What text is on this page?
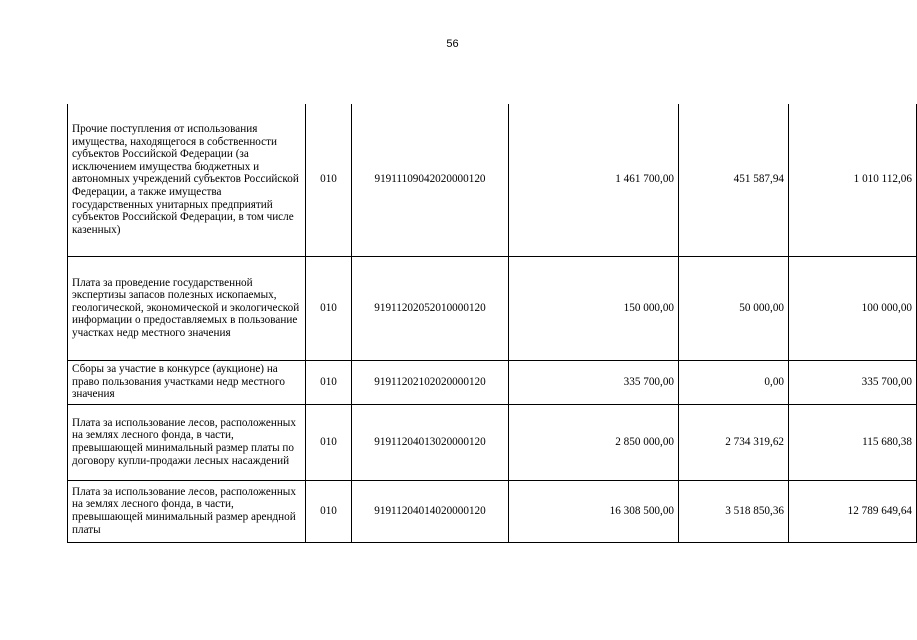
56
Прочие поступления от использования имущества, находящегося в собственности субъектов Российской Федерации (за исключением имущества бюджетных и автономных учреждений субъектов Российской Федерации, а также имущества государственных унитарных предприятий субъектов Российской Федерации, в том числе казенных)	010	91911109042020000120	1 461 700,00	451 587,94	1 010 112,06
Плата за проведение государственной экспертизы запасов полезных ископаемых, геологической, экономической и экологической информации о предоставляемых в пользование участках недр местного значения	010	91911202052010000120	150 000,00	50 000,00	100 000,00
Сборы за участие в конкурсе (аукционе) на право пользования участками недр местного значения	010	91911202102020000120	335 700,00	0,00	335 700,00
Плата за использование лесов, расположенных на землях лесного фонда, в части, превышающей минимальный размер платы по договору купли-продажи лесных насаждений	010	91911204013020000120	2 850 000,00	2 734 319,62	115 680,38
Плата за использование лесов, расположенных на землях лесного фонда, в части, превышающей минимальный размер арендной платы	010	91911204014020000120	16 308 500,00	3 518 850,36	12 789 649,64
